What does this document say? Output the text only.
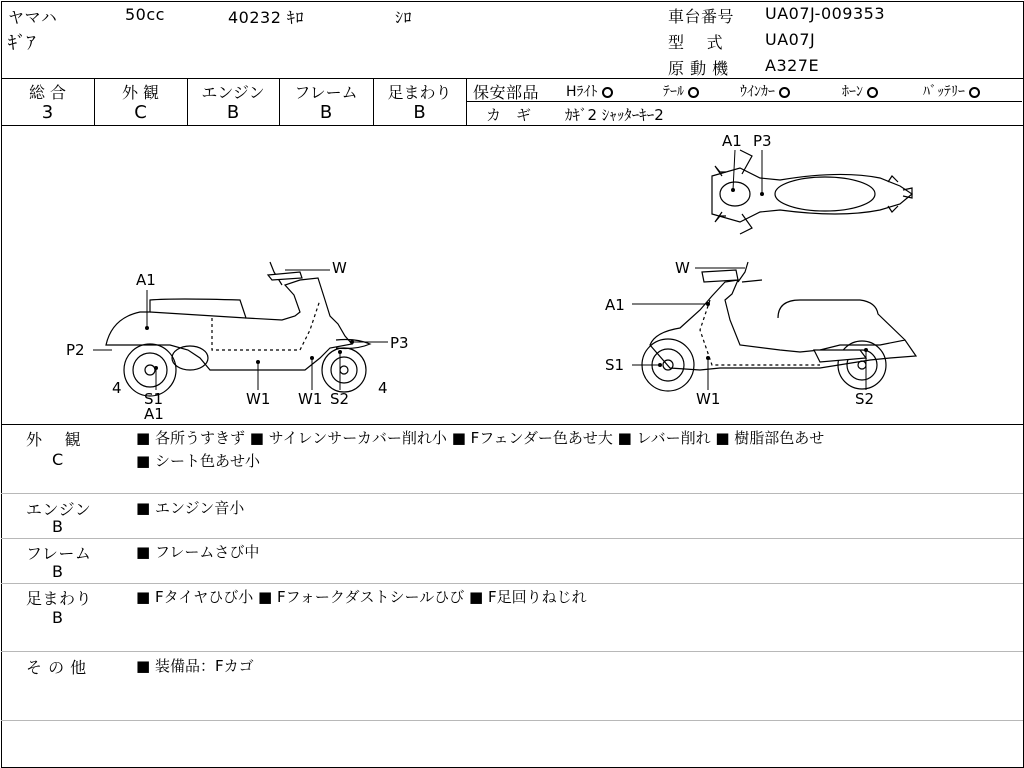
ヤマハ	50cc	40232 ｷﾛ	ｼﾛ
ｷﾞｱ
車台番号 UA07J-009353
型　 式	UA07J
原 動 機 A327E
総 合
3
外 観
C
エンジン
B
フレーム
B
足まわり
B
保安部品 Hﾗｲﾄ	ﾃｰﾙ	ｳｲﾝｶｰ	ﾎｰﾝ	ﾊﾞｯﾃﾘｰ
カ　ギ ｶｷﾞ2 ｼｬｯﾀｰｷｰ2
A1 P3
W
A1
P2	P3
4	4
S1
A1
W1 W1 S2
W
A1
S1
W1	S2
外　 観
C
■ 各所うすきず ■ サイレンサーカバー削れ小 ■ Fフェンダー色あせ大 ■ レバー削れ ■ 樹脂部色あせ
■ シート色あせ小
エンジン
B
■ エンジン音小
フレーム
B
■ フレームさび中
足まわり
B
■ Fタイヤひび小 ■ Fフォークダストシールひび ■ F足回りねじれ
そ の 他	■ 装備品：Fカゴ
